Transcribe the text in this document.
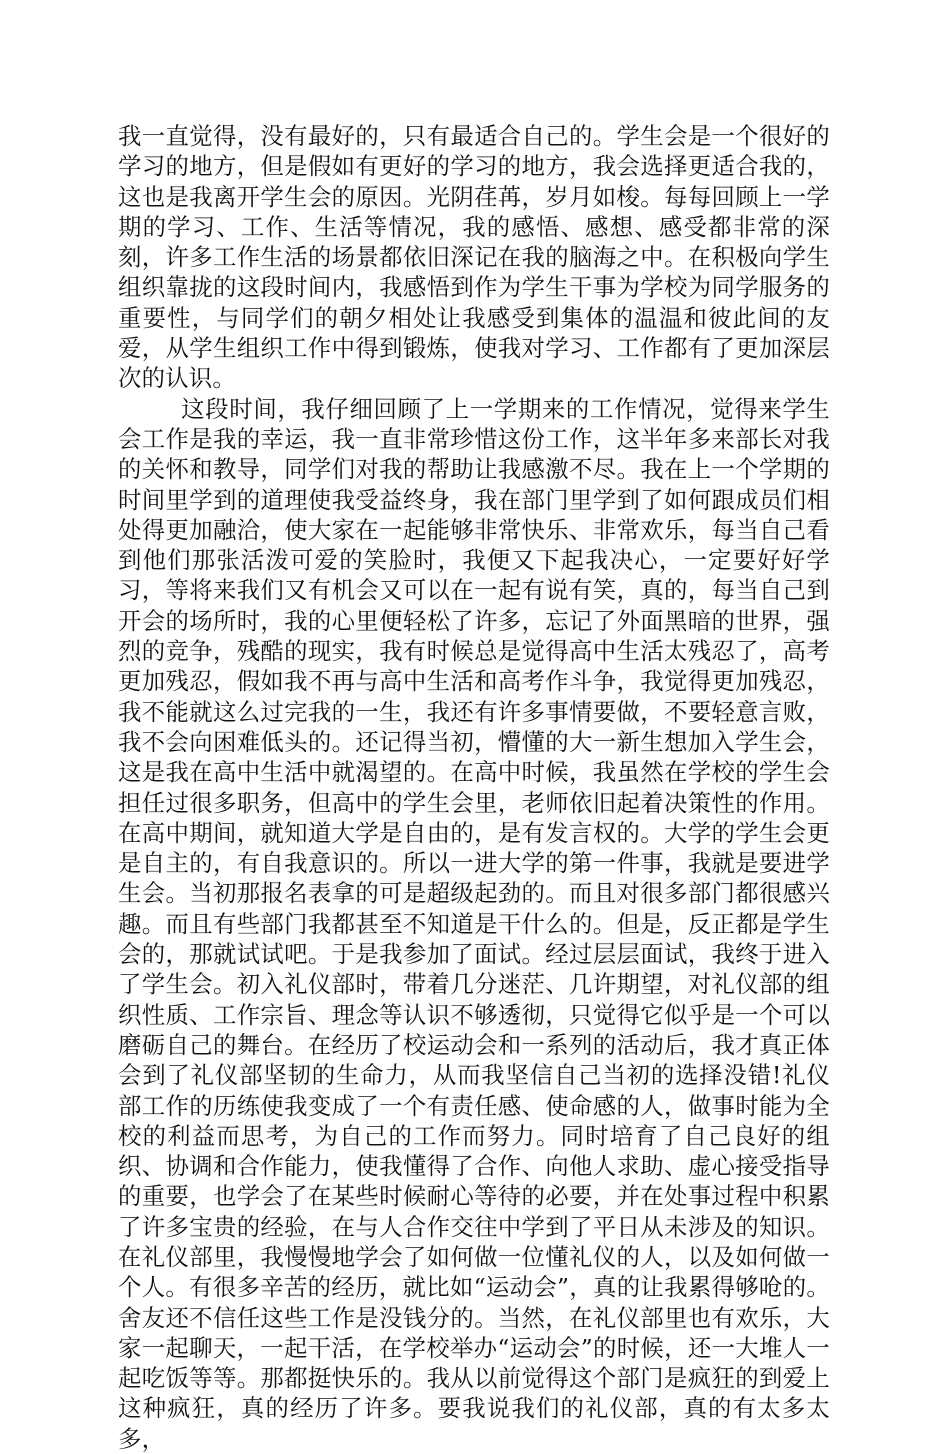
我一直觉得，没有最好的，只有最适合自己的。学生会是一个很好的学习的地方，但是假如有更好的学习的地方，我会选择更适合我的，这也是我离开学生会的原因。光阴荏苒，岁月如梭。每每回顾上一学期的学习、工作、生活等情况，我的感悟、感想、感受都非常的深刻，许多工作生活的场景都依旧深记在我的脑海之中。在积极向学生组织靠拢的这段时间内，我感悟到作为学生干事为学校为同学服务的重要性，与同学们的朝夕相处让我感受到集体的温温和彼此间的友爱，从学生组织工作中得到锻炼，使我对学习、工作都有了更加深层次的认识。

这段时间，我仔细回顾了上一学期来的工作情况，觉得来学生会工作是我的幸运，我一直非常珍惜这份工作，这半年多来部长对我的关怀和教导，同学们对我的帮助让我感激不尽。我在上一个学期的时间里学到的道理使我受益终身，我在部门里学到了如何跟成员们相处得更加融洽，使大家在一起能够非常快乐、非常欢乐，每当自己看到他们那张活泼可爱的笑脸时，我便又下起我决心，一定要好好学习，等将来我们又有机会又可以在一起有说有笑，真的，每当自己到开会的场所时，我的心里便轻松了许多，忘记了外面黑暗的世界，强烈的竞争，残酷的现实，我有时候总是觉得高中生活太残忍了，高考更加残忍，假如我不再与高中生活和高考作斗争，我觉得更加残忍，我不能就这么过完我的一生，我还有许多事情要做，不要轻意言败，我不会向困难低头的。还记得当初，懵懂的大一新生想加入学生会，这是我在高中生活中就渴望的。在高中时候，我虽然在学校的学生会担任过很多职务，但高中的学生会里，老师依旧起着决策性的作用。在高中期间，就知道大学是自由的，是有发言权的。大学的学生会更是自主的，有自我意识的。所以一进大学的第一件事，我就是要进学生会。当初那报名表拿的可是超级起劲的。而且对很多部门都很感兴趣。而且有些部门我都甚至不知道是干什么的。但是，反正都是学生会的，那就试试吧。于是我参加了面试。经过层层面试，我终于进入了学生会。初入礼仪部时，带着几分迷茫、几许期望，对礼仪部的组织性质、工作宗旨、理念等认识不够透彻，只觉得它似乎是一个可以磨砺自己的舞台。在经历了校运动会和一系列的活动后，我才真正体会到了礼仪部坚韧的生命力，从而我坚信自己当初的选择没错!礼仪部工作的历练使我变成了一个有责任感、使命感的人，做事时能为全校的利益而思考，为自己的工作而努力。同时培育了自己良好的组织、协调和合作能力，使我懂得了合作、向他人求助、虚心接受指导的重要，也学会了在某些时候耐心等待的必要，并在处事过程中积累了许多宝贵的经验，在与人合作交往中学到了平日从未涉及的知识。在礼仪部里，我慢慢地学会了如何做一位懂礼仪的人，以及如何做一个人。有很多辛苦的经历，就比如“运动会”，真的让我累得够呛的。舍友还不信任这些工作是没钱分的。当然，在礼仪部里也有欢乐，大家一起聊天，一起干活，在学校举办“运动会”的时候，还一大堆人一起吃饭等等。那都挺快乐的。我从以前觉得这个部门是疯狂的到爱上这种疯狂，真的经历了许多。要我说我们的礼仪部，真的有太多太多，
